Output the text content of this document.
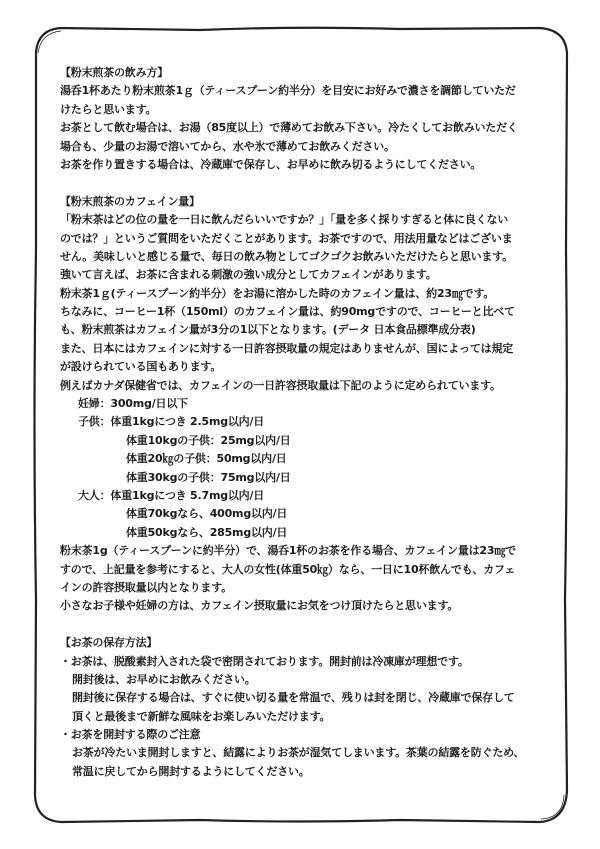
【粉末煎茶の飲み方】
湯呑1杯あたり粉末煎茶1ｇ（ティースプーン約半分）を目安にお好みで濃さを調節していただ
けたらと思います。
お茶として飲む場合は、お湯（85度以上）で薄めてお飲み下さい。冷たくしてお飲みいただく
場合も、少量のお湯で溶いてから、水や氷で薄めてお飲みください。
お茶を作り置きする場合は、冷蔵庫で保存し、お早めに飲み切るようにしてください。
【粉末煎茶のカフェイン量】
「粉末茶はどの位の量を一日に飲んだらいいですか？」「量を多く採りすぎると体に良くない
のでは？」というご質問をいただくことがあります。お茶ですので、用法用量などはございま
せん。美味しいと感じる量で、毎日の飲み物としてゴクゴクお飲みいただけたらと思います。
強いて言えば、お茶に含まれる刺激の強い成分としてカフェインがあります。
粉末茶1ｇ(ティースプーン約半分）をお湯に溶かした時のカフェイン量は、約23㎎です。
ちなみに、コーヒー1杯（150ml）のカフェイン量は、約90mgですので、コーヒーと比べて
も、粉末煎茶はカフェイン量が3分の1以下となります。(データ 日本食品標準成分表)
また、日本にはカフェインに対する一日許容摂取量の規定はありませんが、国によっては規定
が設けられている国もあります。
例えばカナダ保健省では、カフェインの一日許容摂取量は下記のように定められています。
妊婦：300mg/日以下
子供：体重1kgにつき 2.5mg以内/日
体重10kgの子供：25mg以内/日
体重20㎏の子供：50mg以内/日
体重30kgの子供：75mg以内/日
大人：体重1kgにつき 5.7mg以内/日
体重70kgなら、400mg以内/日
体重50kgなら、285mg以内/日
粉末茶1g（ティースプーンに約半分）で、湯呑1杯のお茶を作る場合、カフェイン量は23㎎で
すので、上記量を参考にすると、大人の女性(体重50㎏）なら、一日に10杯飲んでも、カフェ
インの許容摂取量以内となります。
小さなお子様や妊婦の方は、カフェイン摂取量にお気をつけ頂けたらと思います。
【お茶の保存方法】
・お茶は、脱酸素封入された袋で密閉されております。開封前は冷凍庫が理想です。
開封後は、お早めにお飲みください。
開封後に保存する場合は、すぐに使い切る量を常温で、残りは封を閉じ、冷蔵庫で保存して
頂くと最後まで新鮮な風味をお楽しみいただけます。
・お茶を開封する際のご注意
お茶が冷たいま開封しますと、結露によりお茶が湿気てしまいます。茶葉の結露を防ぐため、
常温に戻してから開封するようにしてください。
